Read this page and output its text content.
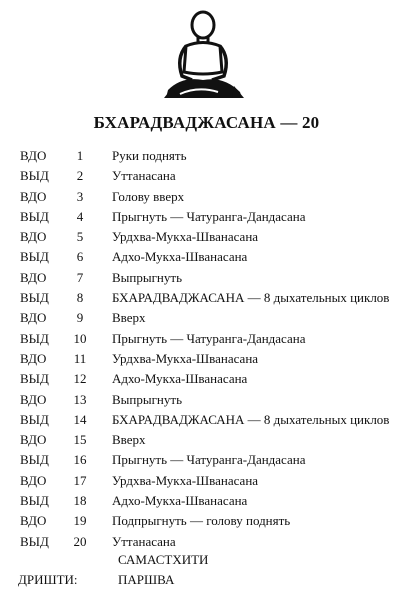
БХАРАДВАДЖАСАНА — 20
ВДО	1	Руки поднять
ВЫД	2	Уттанасана
ВДО	3	Голову вверх
ВЫД	4	Прыгнуть — Чатуранга-Дандасана
ВДО	5	Урдхва-Мукха-Шванасана
ВЫД	6	Адхо-Мукха-Шванасана
ВДО	7	Выпрыгнуть
ВЫД	8	БХАРАДВАДЖАСАНА — 8 дыхательных циклов
ВДО	9	Вверх
ВЫД 10 Прыгнуть — Чатуранга-Дандасана
ВДО 11 Урдхва-Мукха-Шванасана
ВЫД 12 Адхо-Мукха-Шванасана
ВДО 13 Выпрыгнуть
ВЫД 14 БХАРАДВАДЖАСАНА — 8 дыхательных циклов
ВДО 15 Вверх
ВЫД 16 Прыгнуть — Чатуранга-Дандасана
ВДО 17 Урдхва-Мукха-Шванасана
ВЫД 18 Адхо-Мукха-Шванасана
ВДО 19 Подпрыгнуть — голову поднять
ВЫД 20 Уттанасана
САМАСТХИТИ
ДРИШТИ:	ПАРШВА
